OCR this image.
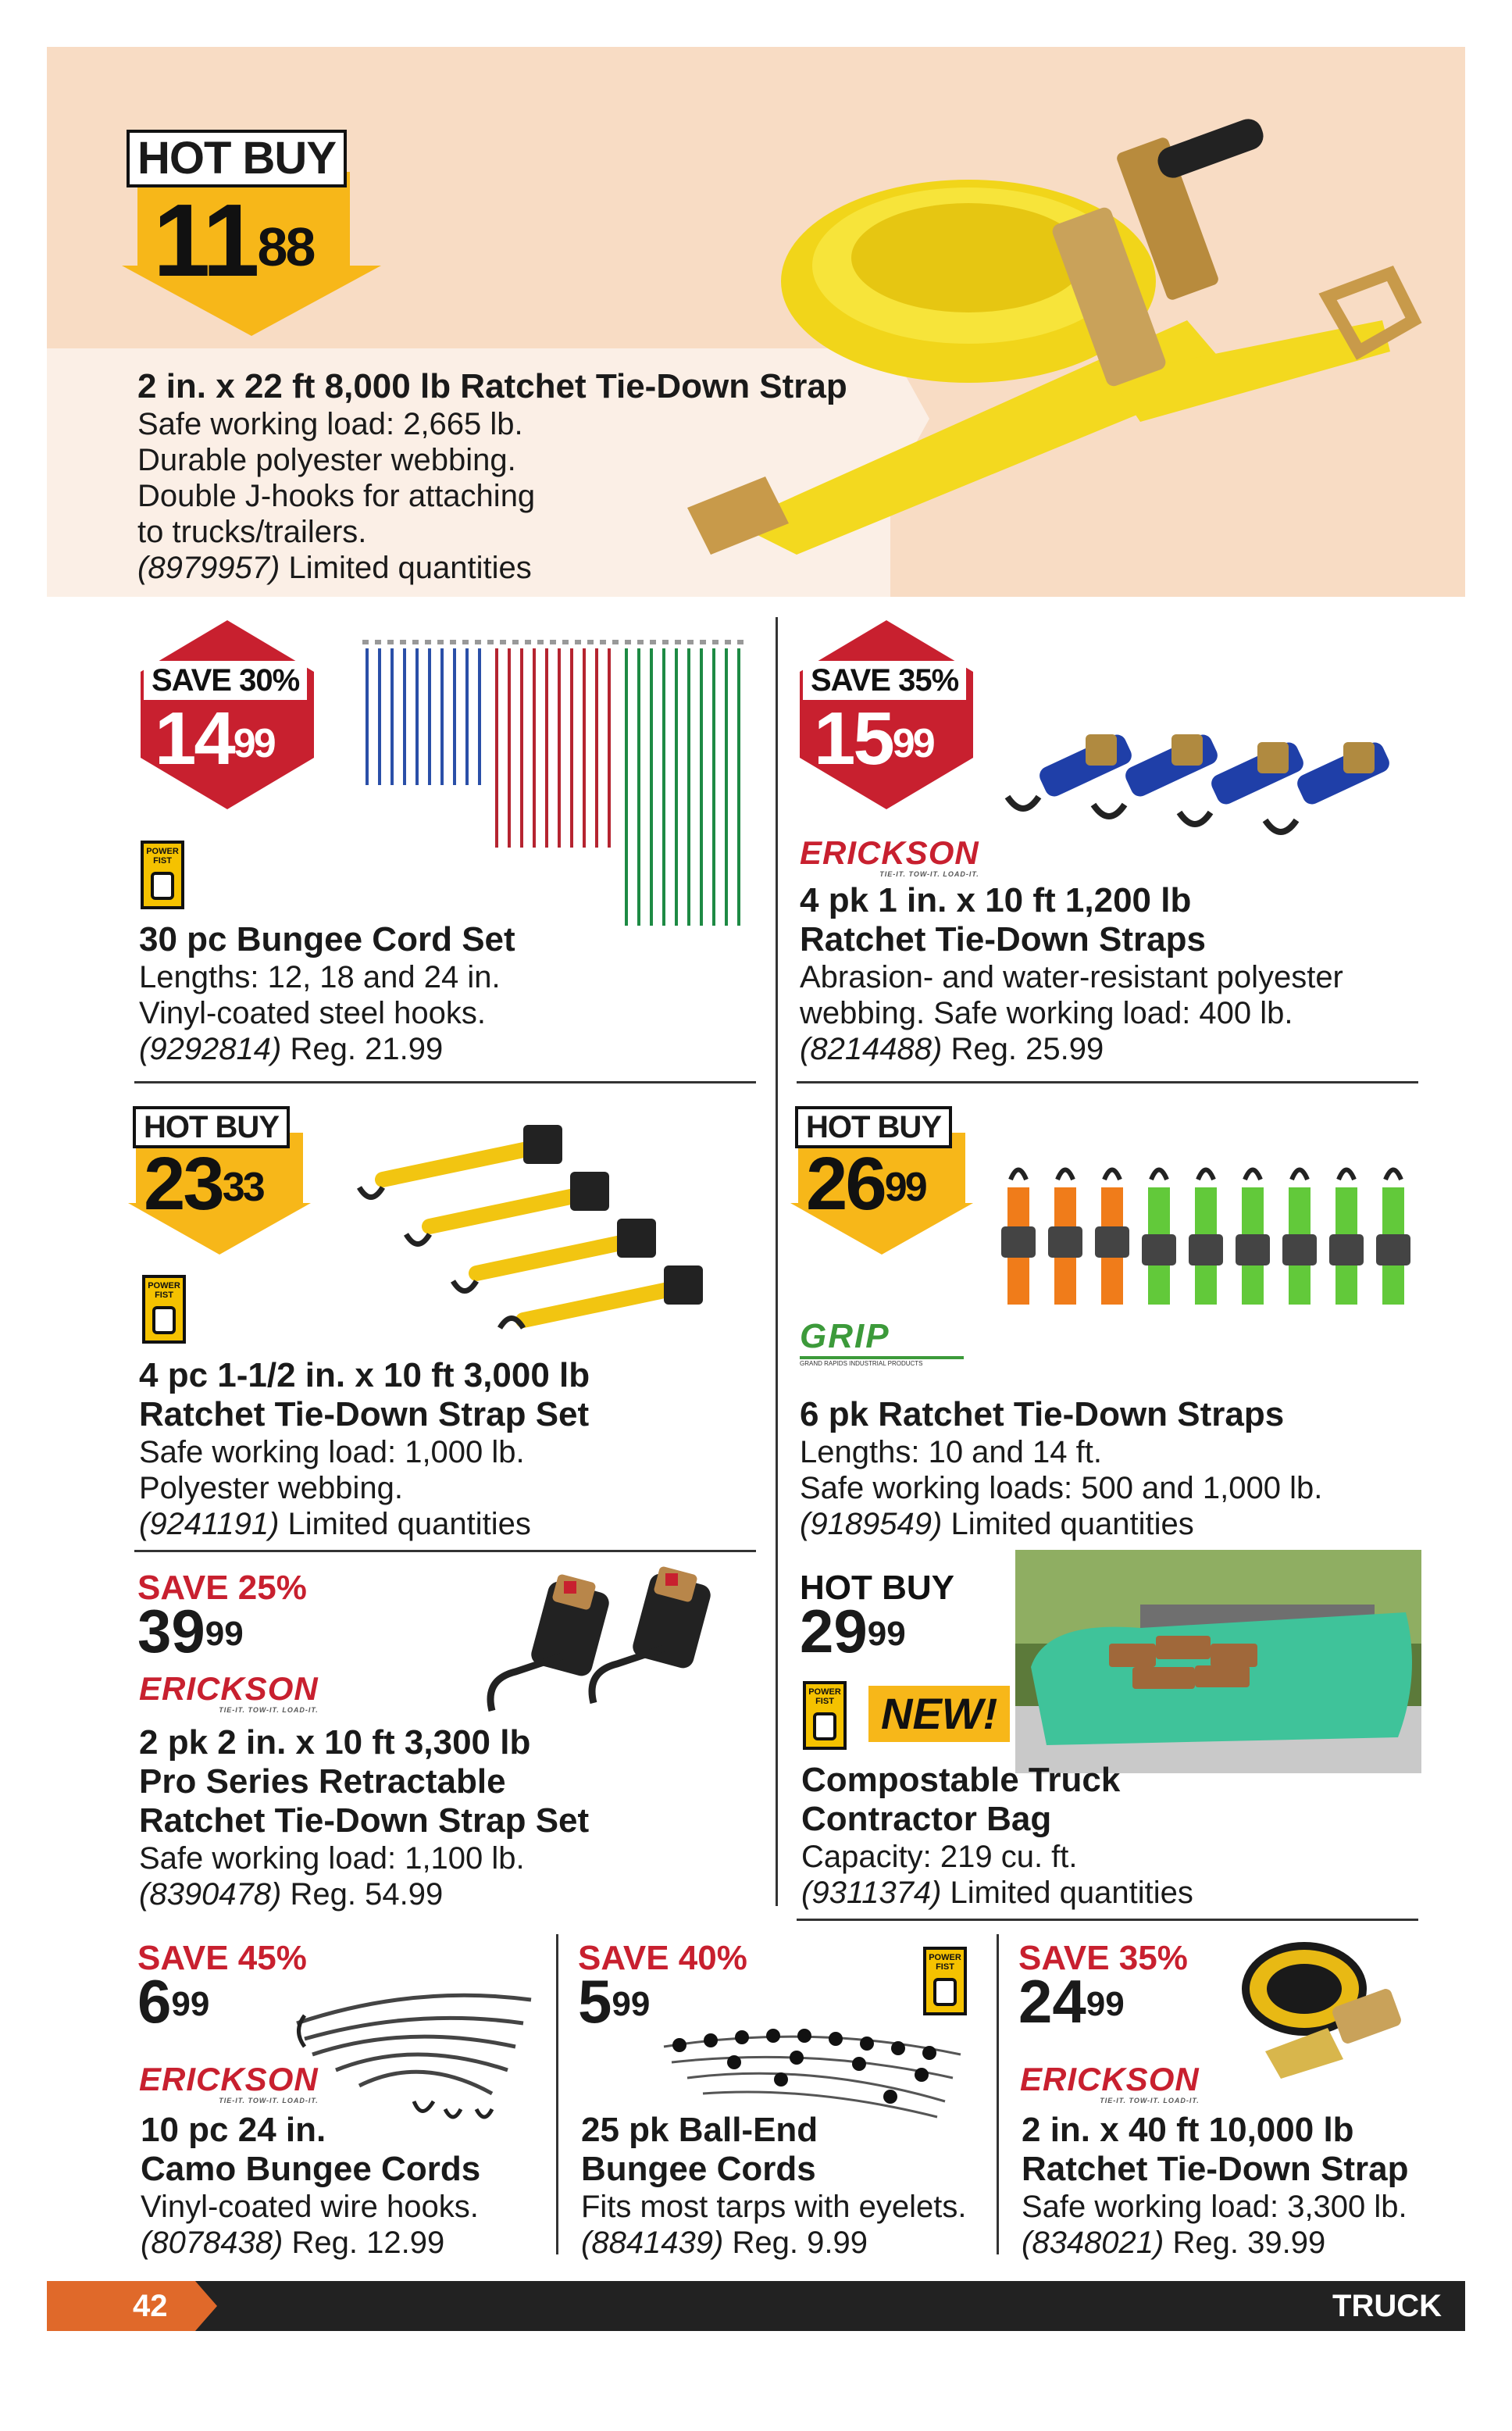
HOT BUY
$11^{88}$

2 in. x 22 ft 8,000 lb Ratchet Tie-Down Strap

Safe working load: 2,665 lb.

Durable polyester webbing.

Double J-hooks for attaching

to trucks/trailers.

(8979957) Limited quantities

SAVE 30%
$14^{99}$
POWER FIST

30 pc Bungee Cord Set

Lengths: 12, 18 and 24 in.

Vinyl-coated steel hooks.

(9292814) Reg. 21.99

SAVE 35%
$15^{99}$
ERICKSON
TIE-IT. TOW-IT. LOAD-IT.

4 pk 1 in. x 10 ft 1,200 lb

Ratchet Tie-Down Straps

Abrasion- and water-resistant polyester

webbing. Safe working load: 400 lb.

(8214488) Reg. 25.99

HOT BUY
$23^{33}$
POWER FIST

4 pc 1-1/2 in. x 10 ft 3,000 lb

Ratchet Tie-Down Strap Set

Safe working load: 1,000 lb.

Polyester webbing.

(9241191) Limited quantities

HOT BUY
$26^{99}$
GRIP
GRAND RAPIDS INDUSTRIAL PRODUCTS

6 pk Ratchet Tie-Down Straps

Lengths: 10 and 14 ft.

Safe working loads: 500 and 1,000 lb.

(9189549) Limited quantities

SAVE 25%
$39^{99}$
ERICKSON
TIE-IT. TOW-IT. LOAD-IT.

2 pk 2 in. x 10 ft 3,300 lb

Pro Series Retractable

Ratchet Tie-Down Strap Set

Safe working load: 1,100 lb.

(8390478) Reg. 54.99

HOT BUY
$29^{99}$
POWER FIST NEW!

Compostable Truck

Contractor Bag

Capacity: 219 cu. ft.

(9311374) Limited quantities

SAVE 45%
$6^{99}$
ERICKSON
TIE-IT. TOW-IT. LOAD-IT.

10 pc 24 in.

Camo Bungee Cords

Vinyl-coated wire hooks.

(8078438) Reg. 12.99

SAVE 40%
$5^{99}$
POWER FIST

25 pk Ball-End

Bungee Cords

Fits most tarps with eyelets.

(8841439) Reg. 9.99

SAVE 35%
$24^{99}$
ERICKSON
TIE-IT. TOW-IT. LOAD-IT.

2 in. x 40 ft 10,000 lb

Ratchet Tie-Down Strap

Safe working load: 3,300 lb.

(8348021) Reg. 39.99

42	TRUCK
